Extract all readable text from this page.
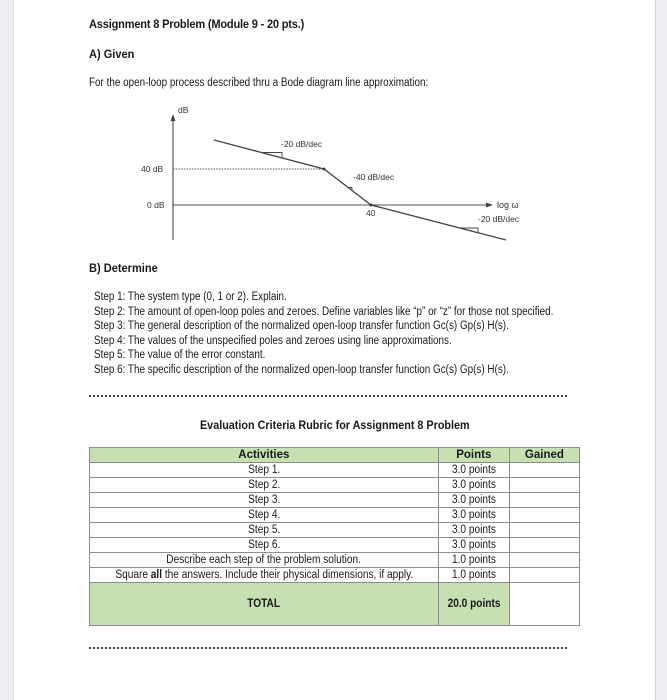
Assignment 8 Problem (Module 9 - 20 pts.)
A) Given
For the open-loop process described thru a Bode diagram line approximation:
dB
40 dB
0 dB	log ω
-20 dB/dec
-40 dB/dec
-20 dB/dec
40
B) Determine
Step 1: The system type (0, 1 or 2). Explain.
Step 2: The amount of open-loop poles and zeroes. Define variables like “p” or “z” for those not specified.
Step 3: The general description of the normalized open-loop transfer function Gc(s) Gp(s) H(s).
Step 4: The values of the unspecified poles and zeroes using line approximations.
Step 5: The value of the error constant.
Step 6: The specific description of the normalized open-loop transfer function Gc(s) Gp(s) H(s).
Evaluation Criteria Rubric for Assignment 8 Problem
Activities	Points	Gained
Step 1.	3.0 points	
Step 2.	3.0 points	
Step 3.	3.0 points	
Step 4.	3.0 points	
Step 5.	3.0 points	
Step 6.	3.0 points	
Describe each step of the problem solution.	1.0 points	
Square all the answers. Include their physical dimensions, if apply.	1.0 points	
TOTAL	20.0 points	
